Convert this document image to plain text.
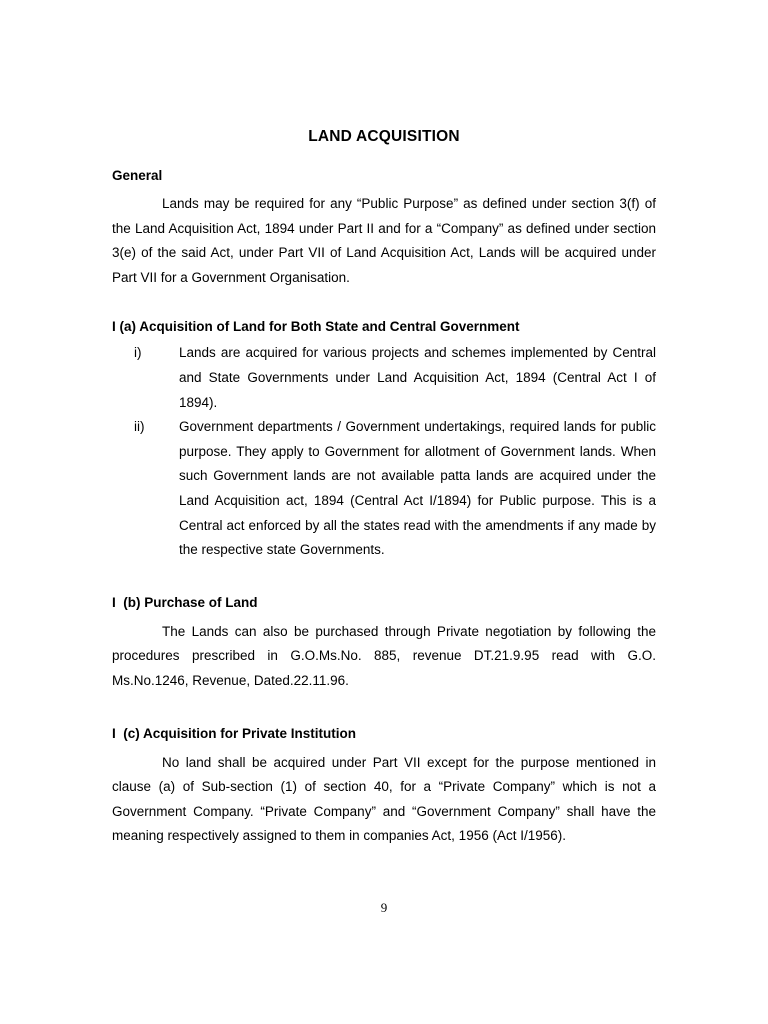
LAND ACQUISITION
General

Lands may be required for any “Public Purpose” as defined under section 3(f) of the Land Acquisition Act, 1894 under Part II and for a “Company” as defined under section 3(e) of the said Act, under Part VII of Land Acquisition Act, Lands will be acquired under Part VII for a Government Organisation.

I (a) Acquisition of Land for Both State and Central Government
i)	Lands are acquired for various projects and schemes implemented by Central and State Governments under Land Acquisition Act, 1894 (Central Act I of 1894).
ii)	Government departments / Government undertakings, required lands for public purpose. They apply to Government for allotment of Government lands. When such Government lands are not available patta lands are acquired under the Land Acquisition act, 1894 (Central Act I/1894) for Public purpose. This is a Central act enforced by all the states read with the amendments if any made by the respective state Governments.
I  (b) Purchase of Land

The Lands can also be purchased through Private negotiation by following the procedures prescribed in G.O.Ms.No. 885, revenue DT.21.9.95 read with G.O. Ms.No.1246, Revenue, Dated.22.11.96.

I  (c) Acquisition for Private Institution

No land shall be acquired under Part VII except for the purpose mentioned in clause (a) of Sub-section (1) of section 40, for a “Private Company” which is not a Government Company. “Private Company” and “Government Company” shall have the meaning respectively assigned to them in companies Act, 1956 (Act I/1956).

9
